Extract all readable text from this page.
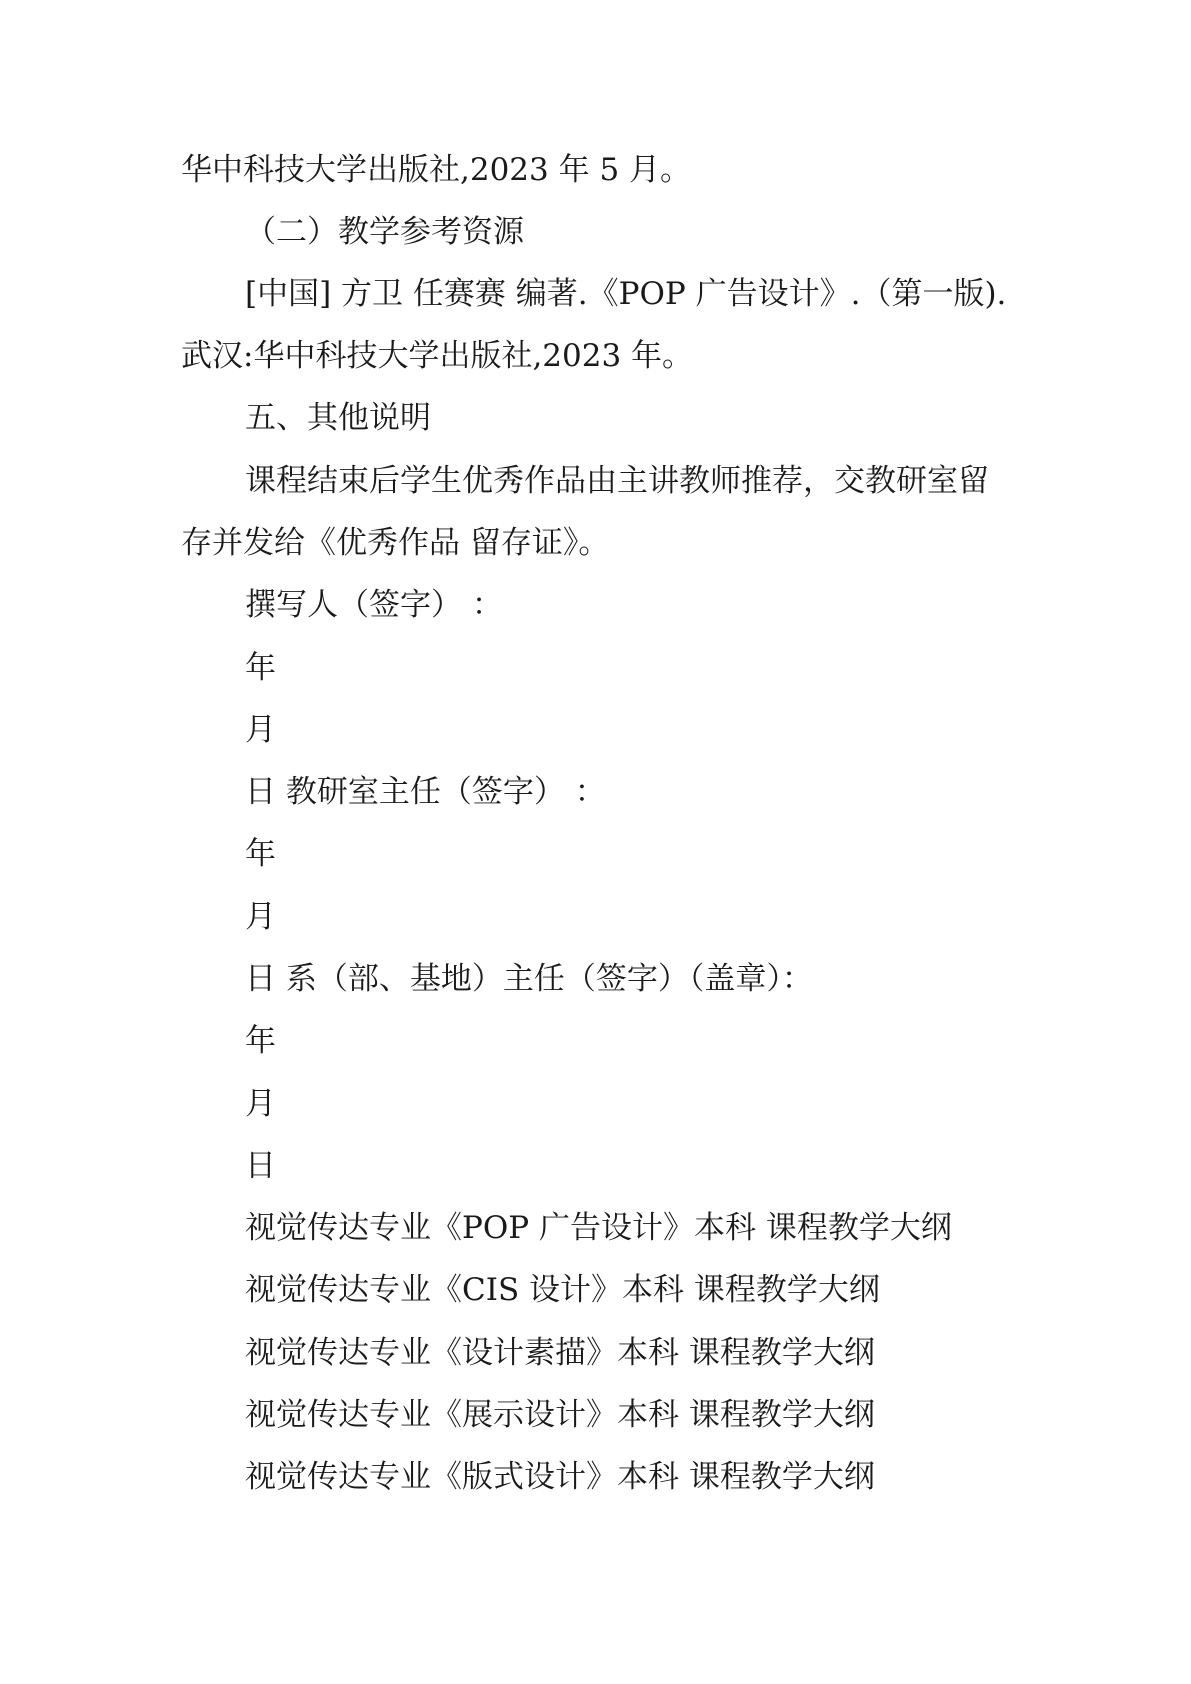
华中科技大学出版社,2023 年 5 月。
（二）教学参考资源
[中国] 方卫 任赛赛 编著.《POP 广告设计》.（第一版).
武汉:华中科技大学出版社,2023 年。
五、其他说明
课程结束后学生优秀作品由主讲教师推荐，交教研室留
存并发给《优秀作品 留存证》。
撰写人（签字） ：
年
月
日 教研室主任（签字） ：
年
月
日 系（部、基地）主任（签字）（盖章）：
年
月
日
视觉传达专业《POP 广告设计》本科 课程教学大纲
视觉传达专业《CIS 设计》本科 课程教学大纲
视觉传达专业《设计素描》本科 课程教学大纲
视觉传达专业《展示设计》本科 课程教学大纲
视觉传达专业《版式设计》本科 课程教学大纲
